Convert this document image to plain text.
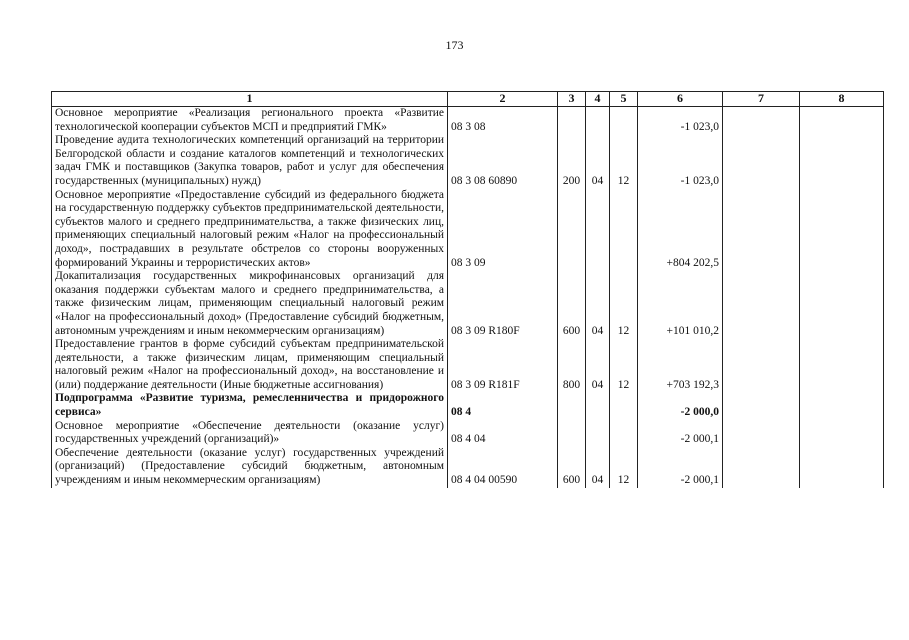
173
1	2	3	4	5	6	7	8
Основное мероприятие «Реализация регионального проекта «Развитие технологической кооперации субъектов МСП и предприятий ГМК»	08 3 08				-1 023,0		
Проведение аудита технологических компетенций организаций на территории Белгородской области и создание каталогов компетенций и технологических задач ГМК и поставщиков (Закупка товаров, работ и услуг для обеспечения государственных (муниципальных) нужд)	08 3 08 60890	200	04	12	-1 023,0		
Основное мероприятие «Предоставление субсидий из федерального бюджета на государственную поддержку субъектов предпринимательской деятельности, субъектов малого и среднего предпринимательства, а также физических лиц, применяющих специальный налоговый режим «Налог на профессиональный доход», пострадавших в результате обстрелов со стороны вооруженных формирований Украины и террористических актов»	08 3 09				+804 202,5		
Докапитализация государственных микрофинансовых организаций для оказания поддержки субъектам малого и среднего предпринимательства, а также физическим лицам, применяющим специальный налоговый режим «Налог на профессиональный доход» (Предоставление субсидий бюджетным, автономным учреждениям и иным некоммерческим организациям)	08 3 09 R180F	600	04	12	+101 010,2		
Предоставление грантов в форме субсидий субъектам предпринимательской деятельности, а также физическим лицам, применяющим специальный налоговый режим «Налог на профессиональный доход», на восстановление и (или) поддержание деятельности (Иные бюджетные ассигнования)	08 3 09 R181F	800	04	12	+703 192,3		
Подпрограмма «Развитие туризма, ремесленничества и придорожного сервиса»	08 4				-2 000,0		
Основное мероприятие «Обеспечение деятельности (оказание услуг) государственных учреждений (организаций)»	08 4 04				-2 000,1		
Обеспечение деятельности (оказание услуг) государственных учреждений (организаций) (Предоставление субсидий бюджетным, автономным учреждениям и иным некоммерческим организациям)	08 4 04 00590	600	04	12	-2 000,1		
